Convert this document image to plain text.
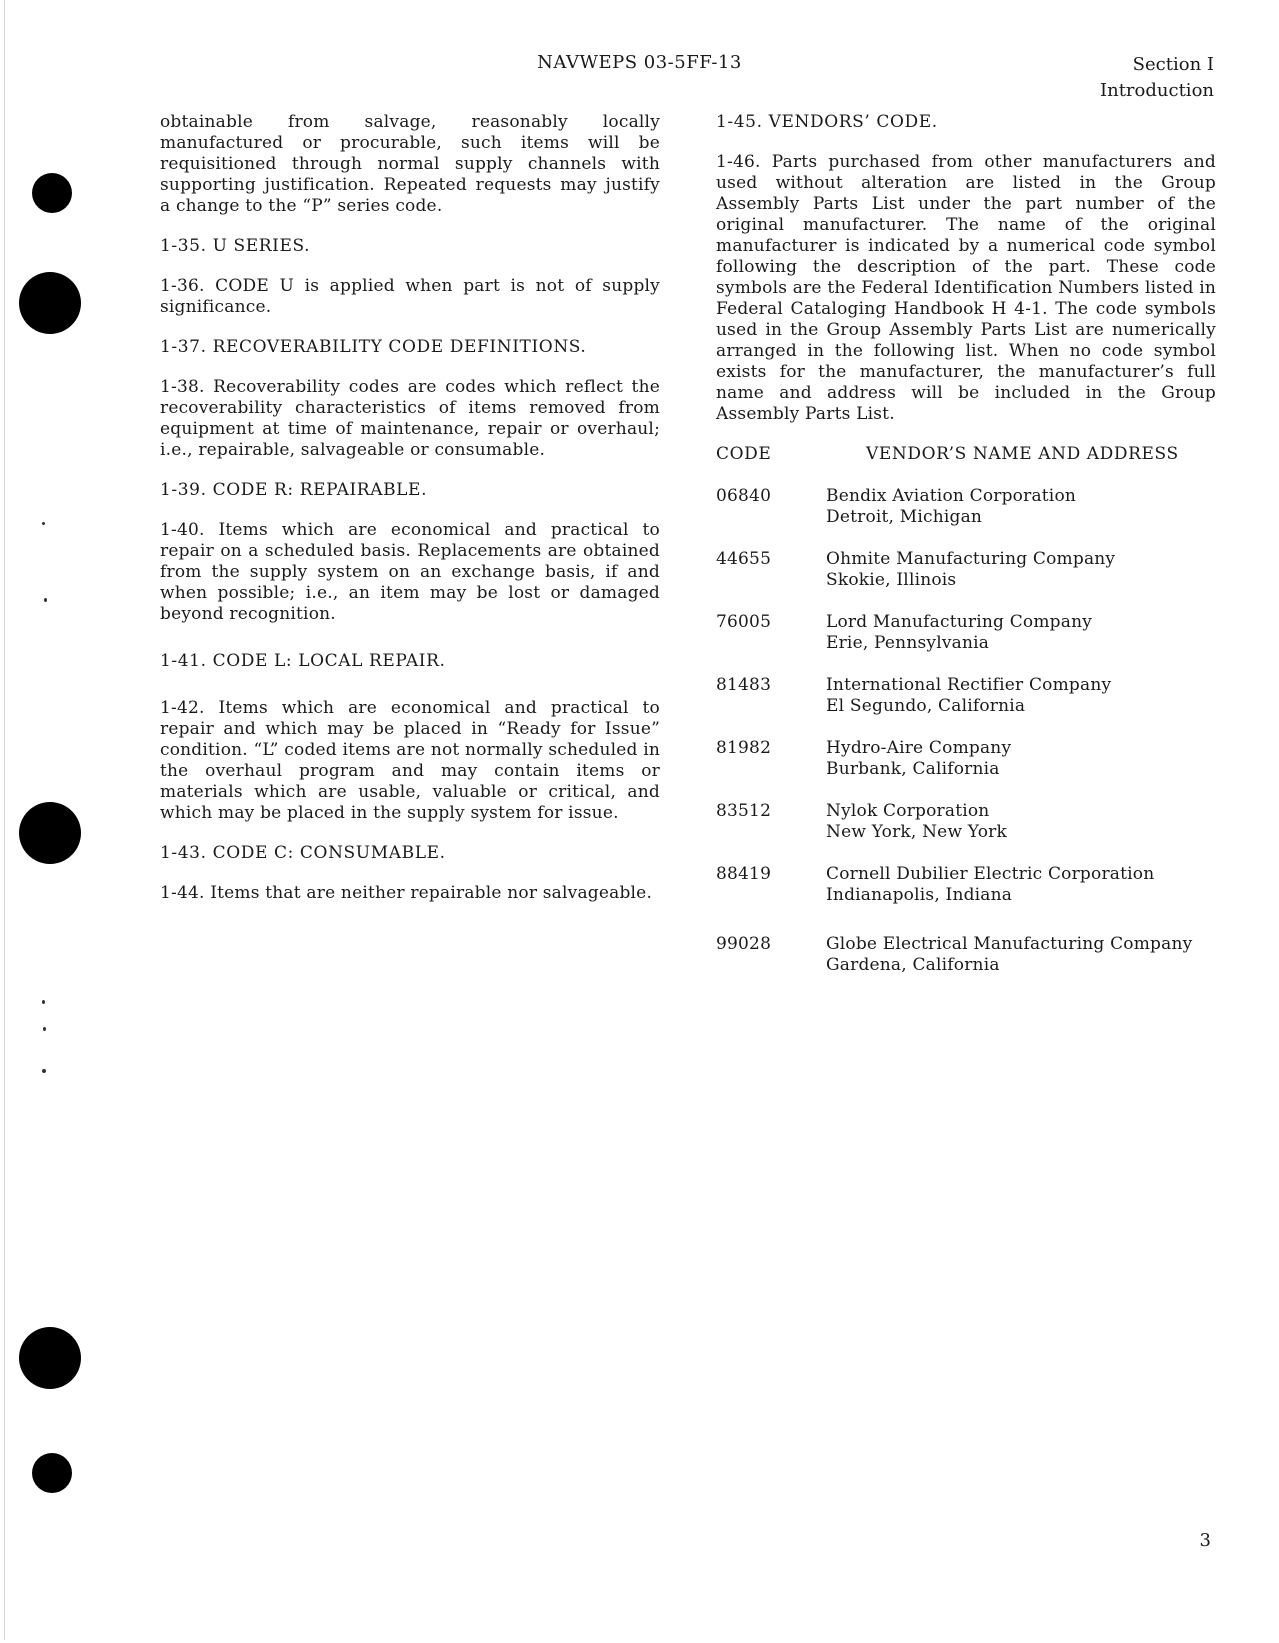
NAVWEPS 03-5FF-13	Section I
Introduction

obtainable from salvage, reasonably locally manufactured or procurable, such items will be requisitioned through normal supply channels with supporting justification. Repeated requests may justify a change to the “P” series code.

1-35. U SERIES.

1-36. CODE U is applied when part is not of supply significance.

1-37. RECOVERABILITY CODE DEFINITIONS.

1-38. Recoverability codes are codes which reflect the recoverability characteristics of items removed from equipment at time of maintenance, repair or overhaul; i.e., repairable, salvageable or consumable.

1-39. CODE R: REPAIRABLE.

1-40. Items which are economical and practical to repair on a scheduled basis. Replacements are obtained from the supply system on an exchange basis, if and when possible; i.e., an item may be lost or damaged beyond recognition.

1-41. CODE L: LOCAL REPAIR.

1-42. Items which are economical and practical to repair and which may be placed in “Ready for Issue” condition. “L” coded items are not normally scheduled in the overhaul program and may contain items or materials which are usable, valuable or critical, and which may be placed in the supply system for issue.

1-43. CODE C: CONSUMABLE.

1-44. Items that are neither repairable nor salvageable.

1-45. VENDORS’ CODE.

1-46. Parts purchased from other manufacturers and used without alteration are listed in the Group Assembly Parts List under the part number of the original manufacturer. The name of the original manufacturer is indicated by a numerical code symbol following the description of the part. These code symbols are the Federal Identification Numbers listed in Federal Cataloging Handbook H 4-1. The code symbols used in the Group Assembly Parts List are numerically arranged in the following list. When no code symbol exists for the manufacturer, the manufacturer’s full name and address will be included in the Group Assembly Parts List.

CODE	VENDOR’S NAME AND ADDRESS
06840	Bendix Aviation Corporation
Detroit, Michigan
44655	Ohmite Manufacturing Company
Skokie, Illinois
76005	Lord Manufacturing Company
Erie, Pennsylvania
81483	International Rectifier Company
El Segundo, California
81982	Hydro-Aire Company
Burbank, California
83512	Nylok Corporation
New York, New York
88419	Cornell Dubilier Electric Corporation
Indianapolis, Indiana
99028	Globe Electrical Manufacturing Company
Gardena, California
3
